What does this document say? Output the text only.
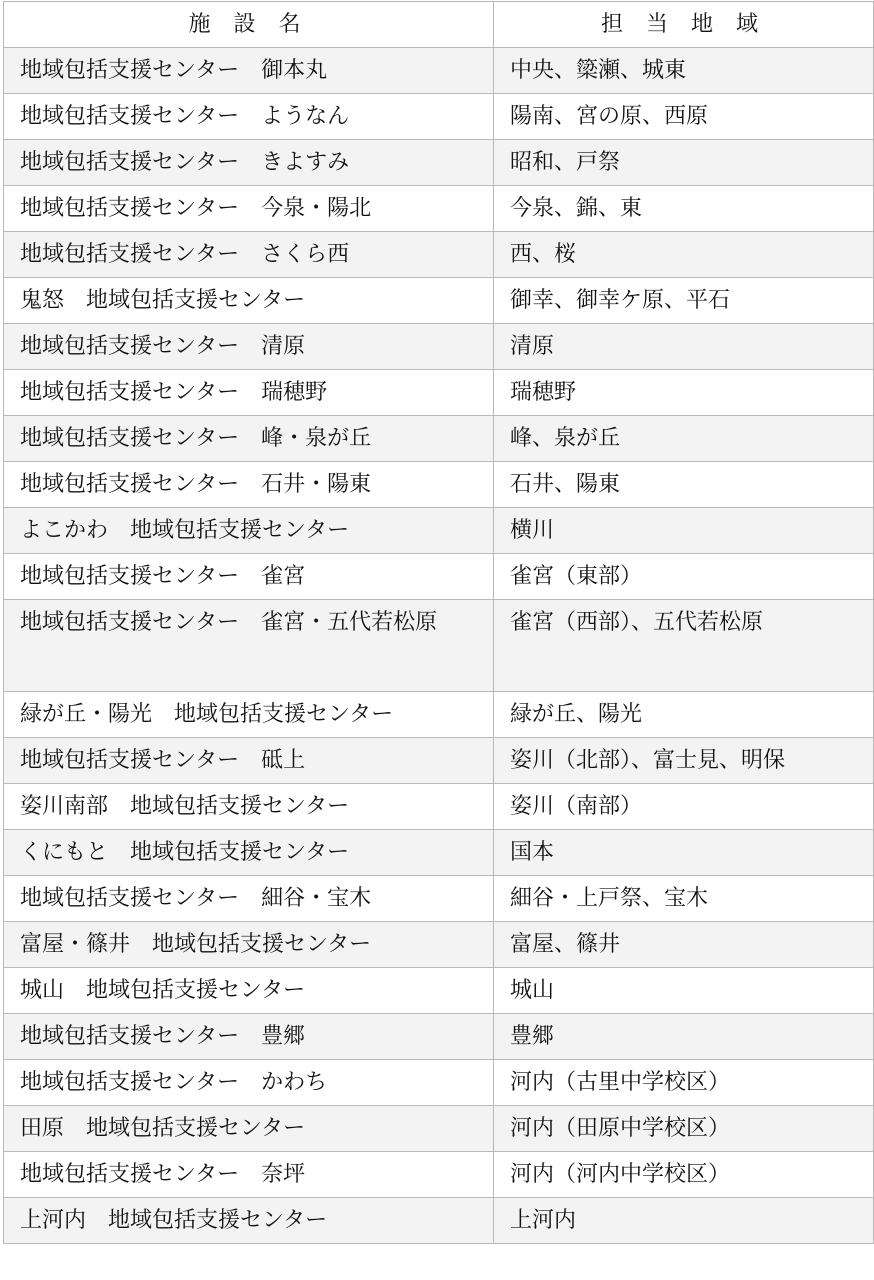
施 設 名	担 当 地 域
地域包括支援センター　御本丸	中央、簗瀬、城東
地域包括支援センター　ようなん	陽南、宮の原、西原
地域包括支援センター　きよすみ	昭和、戸祭
地域包括支援センター　今泉・陽北	今泉、錦、東
地域包括支援センター　さくら西	西、桜
鬼怒　地域包括支援センター	御幸、御幸ケ原、平石
地域包括支援センター　清原	清原
地域包括支援センター　瑞穂野	瑞穂野
地域包括支援センター　峰・泉が丘	峰、泉が丘
地域包括支援センター　石井・陽東	石井、陽東
よこかわ　地域包括支援センター	横川
地域包括支援センター　雀宮	雀宮（東部）
地域包括支援センター　雀宮・五代若松原	雀宮（西部）、五代若松原
緑が丘・陽光　地域包括支援センター	緑が丘、陽光
地域包括支援センター　砥上	姿川（北部）、富士見、明保
姿川南部　地域包括支援センター	姿川（南部）
くにもと　地域包括支援センター	国本
地域包括支援センター　細谷・宝木	細谷・上戸祭、宝木
富屋・篠井　地域包括支援センター	富屋、篠井
城山　地域包括支援センター	城山
地域包括支援センター　豊郷	豊郷
地域包括支援センター　かわち	河内（古里中学校区）
田原　地域包括支援センター	河内（田原中学校区）
地域包括支援センター　奈坪	河内（河内中学校区）
上河内　地域包括支援センター	上河内
